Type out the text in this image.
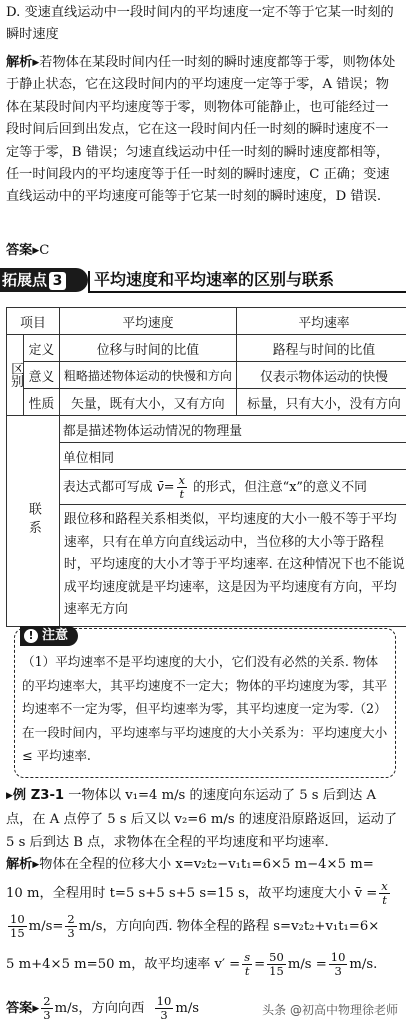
D. 变速直线运动中一段时间内的平均速度一定不等于它某一时刻的瞬时速度
解析▶若物体在某段时间内任一时刻的瞬时速度都等于零，则物体处于静止状态，它在这段时间内的平均速度一定等于零，A 错误；物体在某段时间内平均速度等于零，则物体可能静止，也可能经过一段时间后回到出发点，它在这一段时间内任一时刻的瞬时速度不一定等于零，B 错误；匀速直线运动中任一时刻的瞬时速度都相等，任一时间段内的平均速度等于任一时刻的瞬时速度，C 正确；变速直线运动中的平均速度可能等于它某一时刻的瞬时速度，D 错误.
答案▶C
拓展点 3	平均速度和平均速率的区别与联系
项目		平均速度	平均速率
区别	定义	位移与时间的比值	路程与时间的比值
	意义	粗略描述物体运动的快慢和方向	仅表示物体运动的快慢
	性质	矢量，既有大小，又有方向	标量，只有大小，没有方向
联系		都是描述物体运动情况的物理量	
		单位相同	
		表达式都可写成 v̄= $\frac{x}{t}$ 的形式，但注意“x”的意义不同	
		跟位移和路程关系相类似，平均速度的大小一般不等于平均速率，只有在单方向直线运动中，当位移的大小等于路程时，平均速度的大小才等于平均速率. 在这种情况下也不能说成平均速度就是平均速率，这是因为平均速度有方向，平均速率无方向	
! 注意
（1）平均速率不是平均速度的大小，它们没有必然的关系. 物体的平均速率大，其平均速度不一定大；物体的平均速度为零，其平均速率不一定为零，但平均速率为零，其平均速度一定为零.（2）在一段时间内，平均速率与平均速度的大小关系为：平均速度大小 ≤ 平均速率.
▶例 Z3-1 一物体以 v₁=4 m/s 的速度向东运动了 5 s 后到达 A 点，在 A 点停了 5 s 后又以 v₂=6 m/s 的速度沿原路返回，运动了 5 s 后到达 B 点，求物体在全程的平均速度和平均速率.
解析▶物体在全程的位移大小 x=v₂t₂−v₁t₁=6×5 m−4×5 m=
10 m，全程用时 t=5 s+5 s+5 s=15 s，故平均速度大小 v̄ = $\frac{x}{t}$
$\frac{10}{15} m/s= \frac{2}{3} m/s$，方向向西. 物体全程的路程 s=v₂t₂+v₁t₁=6×
5 m+4×5 m=50 m，故平均速率 $v' = \frac{s}{t} = \frac{50}{15} m/s = \frac{10}{3} m/s$.
答案▶ $\frac{2}{3} m/s$，方向向西 $\frac{10}{3} m/s$	头条 @初高中物理徐老师
